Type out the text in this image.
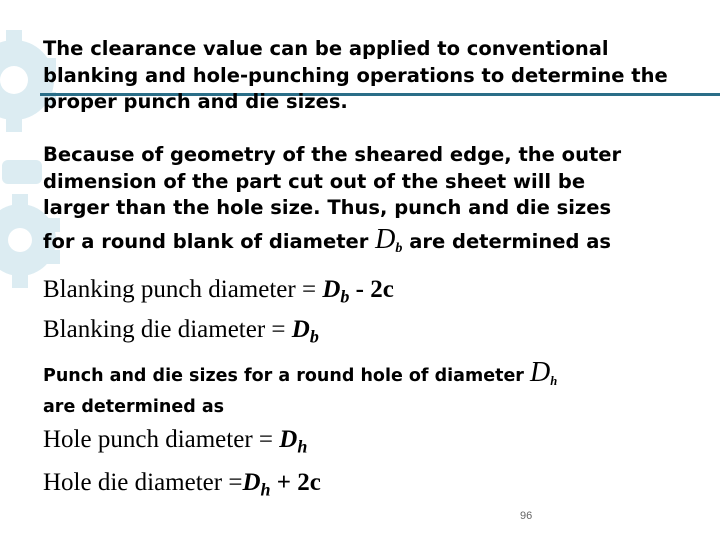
The clearance value can be applied to conventional blanking and hole-punching operations to determine the proper punch and die sizes.

Because of geometry of the sheared edge, the outer
dimension of the part cut out of the sheet will be
larger than the hole size. Thus, punch and die sizes
for a round blank of diameter $D_b$ are determined as
Blanking punch diameter = $D_b - 2c$
Blanking die diameter = $D_b$
Punch and die sizes for a round hole of diameter $D_h$
are determined as
Hole punch diameter = $D_h$
Hole die diameter $=D_h + 2c$
96
